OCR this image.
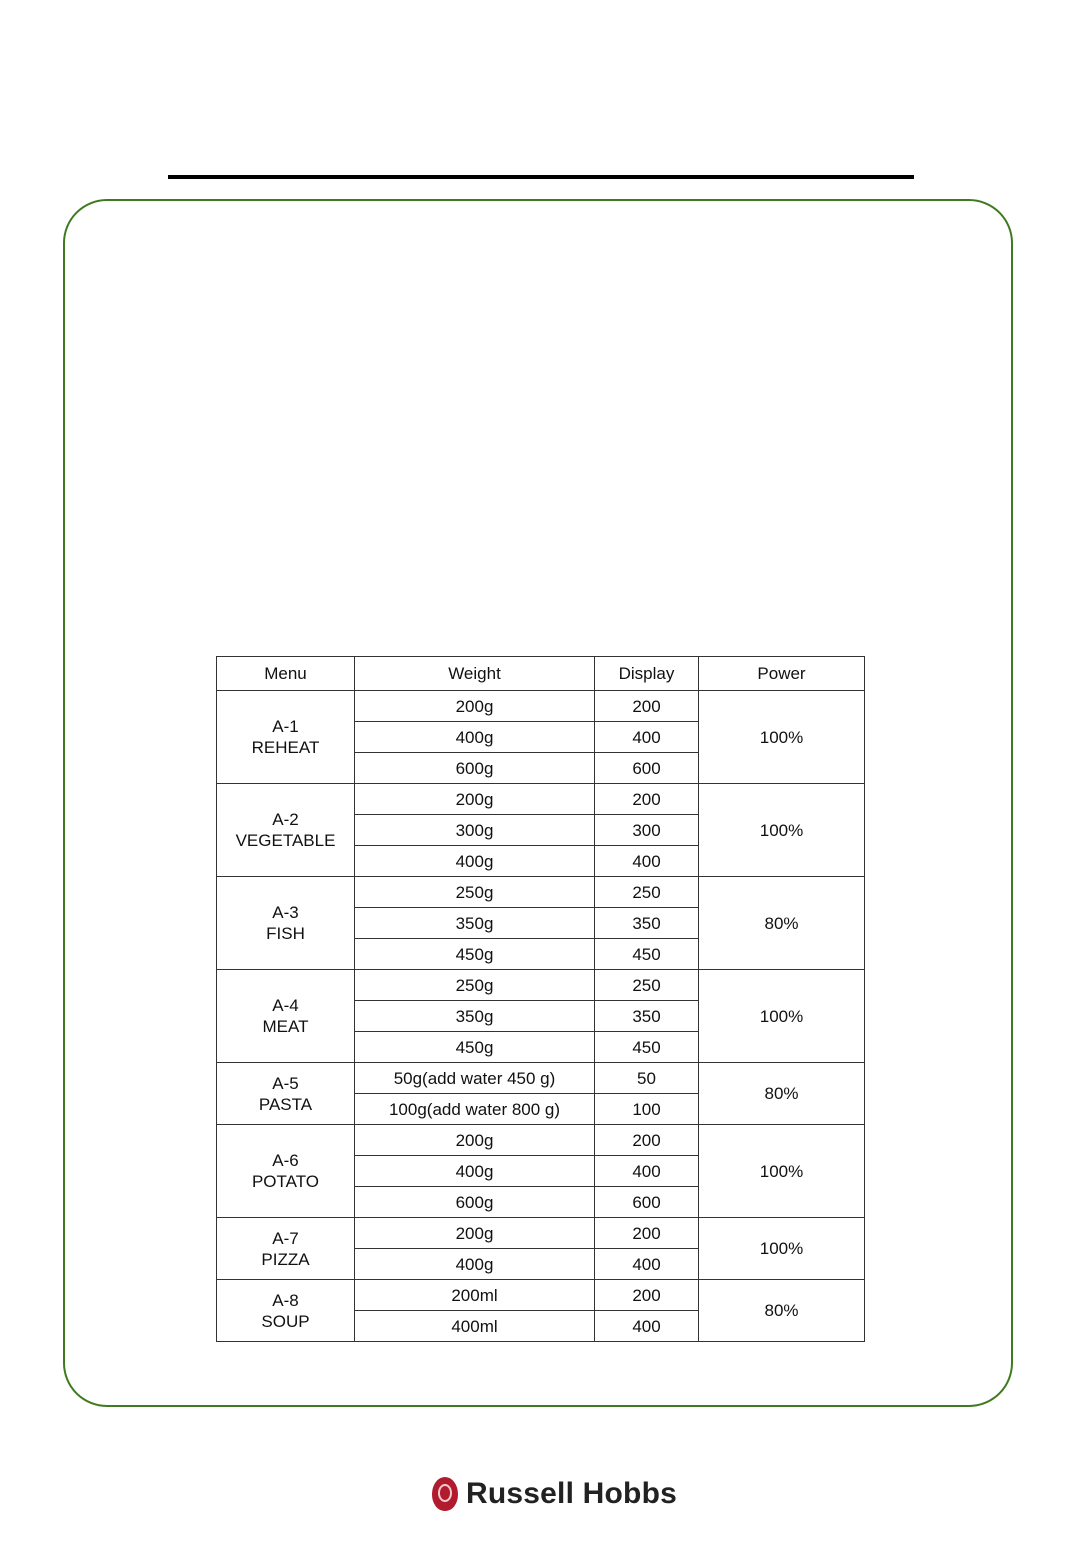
Menu	Weight	Display	Power

A-1
REHEAT	200g	200	100%
	400g	400	
	600g	600	

A-2
VEGETABLE	200g	200	100%
	300g	300	
	400g	400	

A-3
FISH	250g	250	80%
	350g	350	
	450g	450	

A-4
MEAT	250g	250	100%
	350g	350	
	450g	450	

A-5
PASTA	50g(add water 450 g)	50	80%
	100g(add water 800 g)	100	

A-6
POTATO	200g	200	100%
	400g	400	
	600g	600	

A-7
PIZZA	200g	200	100%
	400g	400	

A-8
SOUP	200ml	200	80%
	400ml	400	
Russell Hobbs
